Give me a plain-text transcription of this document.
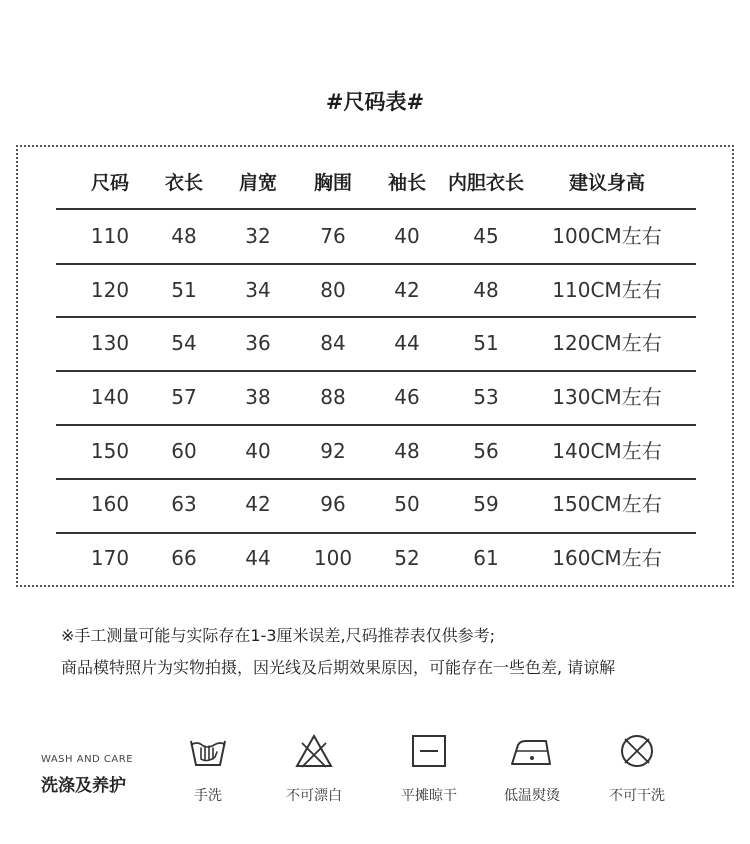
#尺码表#
尺码	衣长	肩宽	胸围	袖长	内胆衣长	建议身高
110	48	32	76	40	45	100CM左右
120	51	34	80	42	48	110CM左右
130	54	36	84	44	51	120CM左右
140	57	38	88	46	53	130CM左右
150	60	40	92	48	56	140CM左右
160	63	42	96	50	59	150CM左右
170	66	44	100	52	61	160CM左右
※手工测量可能与实际存在1-3厘米误差,尺码推荐表仅供参考;
商品模特照片为实物拍摄，因光线及后期效果原因，可能存在一些色差, 请谅解
WASH AND CARE
洗涤及养护	手洗	不可漂白	平摊晾干	低温熨烫	不可干洗
